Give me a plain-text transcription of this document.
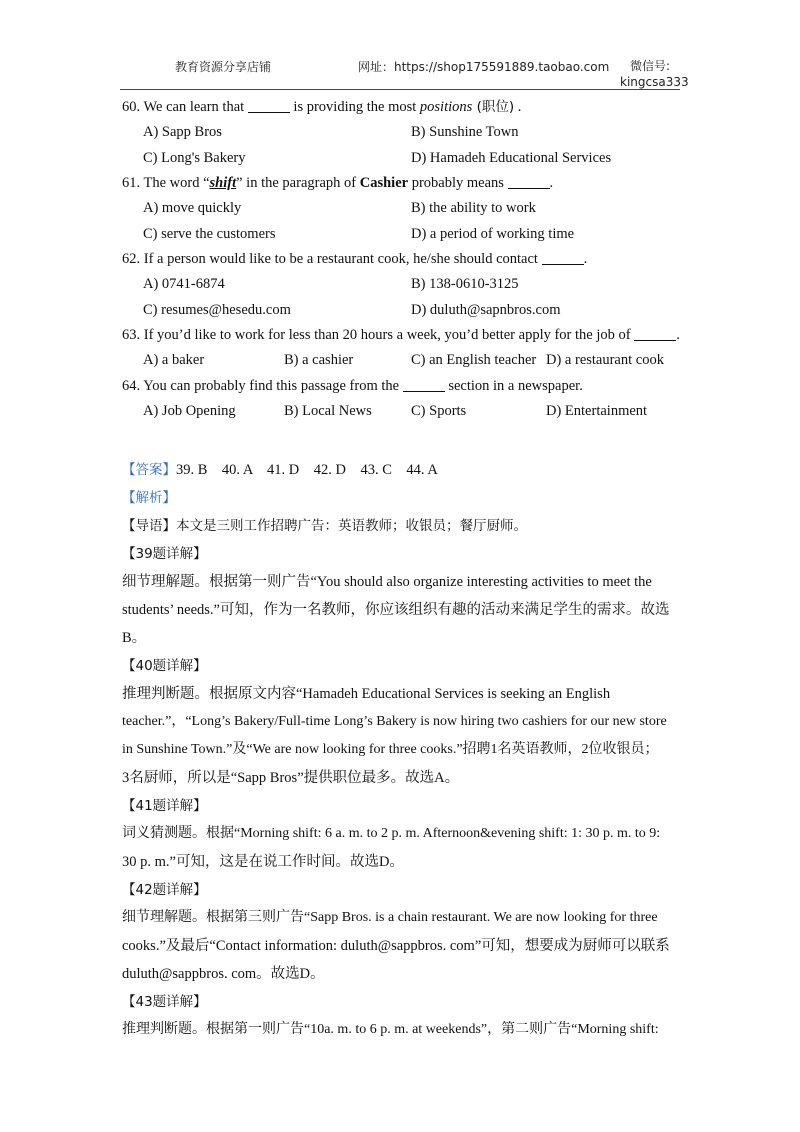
教育资源分享店铺	网址：https://shop175591889.taobao.com	微信号:
kingcsa333
60. We can learn that	is providing the most positions (职位) .
A) Sapp Bros	B) Sunshine Town
C) Long's Bakery	D) Hamadeh Educational Services
61. The word “shift” in the paragraph of Cashier probably means	.
A) move quickly	B) the ability to work
C) serve the customers	D) a period of working time
62. If a person would like to be a restaurant cook, he/she should contact	.
A) 0741-6874	B) 138-0610-3125
C) resumes@hesedu.com	D) duluth@sapnbros.com
63. If you’d like to work for less than 20 hours a week, you’d better apply for the job of	.
A) a baker	B) a cashier	C) an English teacher D) a restaurant cook
64. You can probably find this passage from the	section in a newspaper.
A) Job Opening	B) Local News	C) Sports	D) Entertainment
【答案】39. B    40. A    41. D    42. D    43. C    44. A
【解析】
【导语】本文是三则工作招聘广告：英语教师；收银员；餐厅厨师。
【39题详解】
细节理解题。根据第一则广告“You should also organize interesting activities to meet the
students’ needs.”可知，作为一名教师，你应该组织有趣的活动来满足学生的需求。故选
B。
【40题详解】
推理判断题。根据原文内容“Hamadeh Educational Services is seeking an English
teacher.”，“Long’s Bakery/Full-time Long’s Bakery is now hiring two cashiers for our new store
in Sunshine Town.”及“We are now looking for three cooks.”招聘1名英语教师，2位收银员；
3名厨师，所以是“Sapp Bros”提供职位最多。故选A。
【41题详解】
词义猜测题。根据“Morning shift: 6 a. m. to 2 p. m. Afternoon&evening shift: 1: 30 p. m. to 9:
30 p. m.”可知，这是在说工作时间。故选D。
【42题详解】
细节理解题。根据第三则广告“Sapp Bros. is a chain restaurant. We are now looking for three
cooks.”及最后“Contact information: duluth@sappbros. com”可知，想要成为厨师可以联系
duluth@sappbros. com。故选D。
【43题详解】
推理判断题。根据第一则广告“10a. m. to 6 p. m. at weekends”，第二则广告“Morning shift:
